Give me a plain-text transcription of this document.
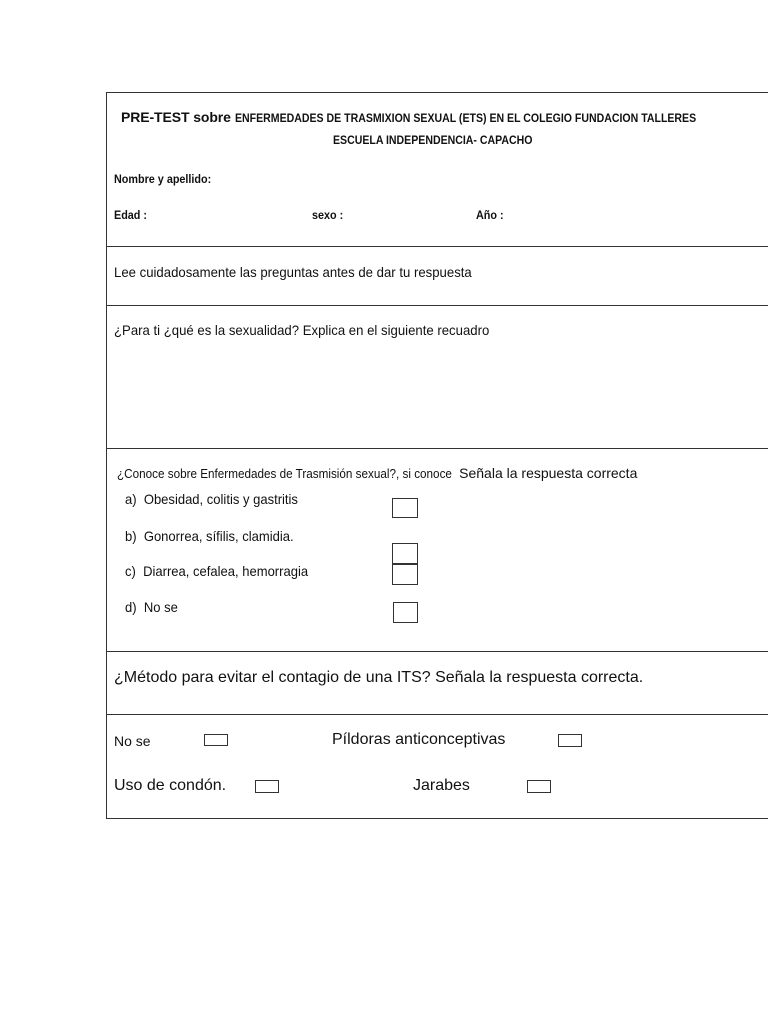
PRE-TEST sobre ENFERMEDADES DE TRASMIXION SEXUAL (ETS) EN EL COLEGIO FUNDACION TALLERES
ESCUELA INDEPENDENCIA- CAPACHO
Nombre y apellido:
Edad :	sexo :	Año :
Lee cuidadosamente las preguntas antes de dar tu respuesta
¿Para ti ¿qué es la sexualidad? Explica en el siguiente recuadro
¿Conoce sobre Enfermedades de Trasmisión sexual?, si conoce Señala la respuesta correcta
a) Obesidad, colitis y gastritis
b) Gonorrea, sífilis, clamidia.
c) Diarrea, cefalea, hemorragia
d) No se
¿Método para evitar el contagio de una ITS? Señala la respuesta correcta.
No se	Píldoras anticonceptivas
Uso de condón.	Jarabes
